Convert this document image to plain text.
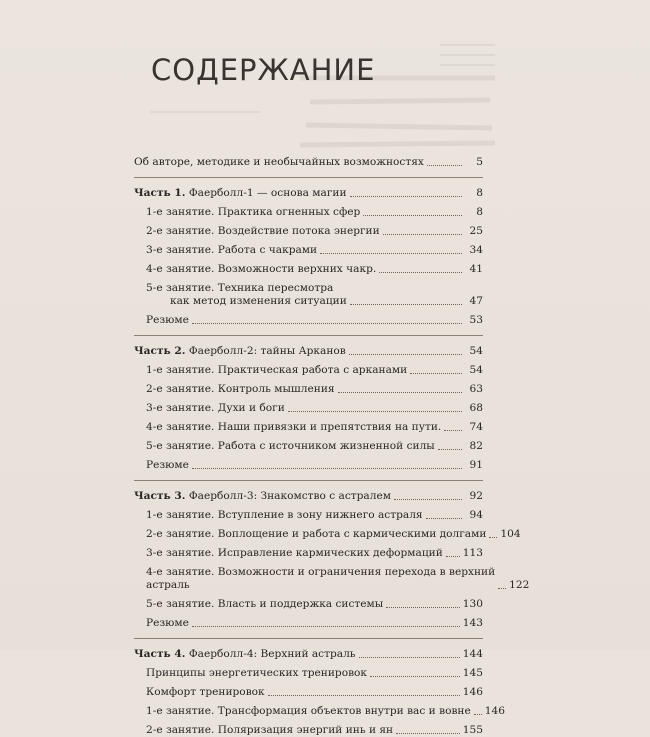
СОДЕРЖАНИЕ
Об авторе, методике и необычайных возможностях	5
Часть 1. Фаерболл-1 — основа магии	8
1-е занятие. Практика огненных сфер	8
2-е занятие. Воздействие потока энергии	25
3-е занятие. Работа с чакрами	34
4-е занятие. Возможности верхних чакр.	41
5-е занятие. Техника пересмотра
как метод изменения ситуации	47
Резюме	53
Часть 2. Фаерболл-2: тайны Арканов	54
1-е занятие. Практическая работа с арканами	54
2-е занятие. Контроль мышления	63
3-е занятие. Духи и боги	68
4-е занятие. Наши привязки и препятствия на пути.	74
5-е занятие. Работа с источником жизненной силы	82
Резюме	91
Часть 3. Фаерболл-3: Знакомство с астралем	92
1-е занятие. Вступление в зону нижнего астраля	94
2-е занятие. Воплощение и работа с кармическими долгами 104
3-е занятие. Исправление кармических деформаций 113
4-е занятие. Возможности и ограничения перехода в верхний
астраль	122
5-е занятие. Власть и поддержка системы	130
Резюме	143
Часть 4. Фаерболл-4: Верхний астраль	144
Принципы энергетических тренировок	145
Комфорт тренировок	146
1-е занятие. Трансформация объектов внутри вас и вовне 146
2-е занятие. Поляризация энергий инь и ян	155
